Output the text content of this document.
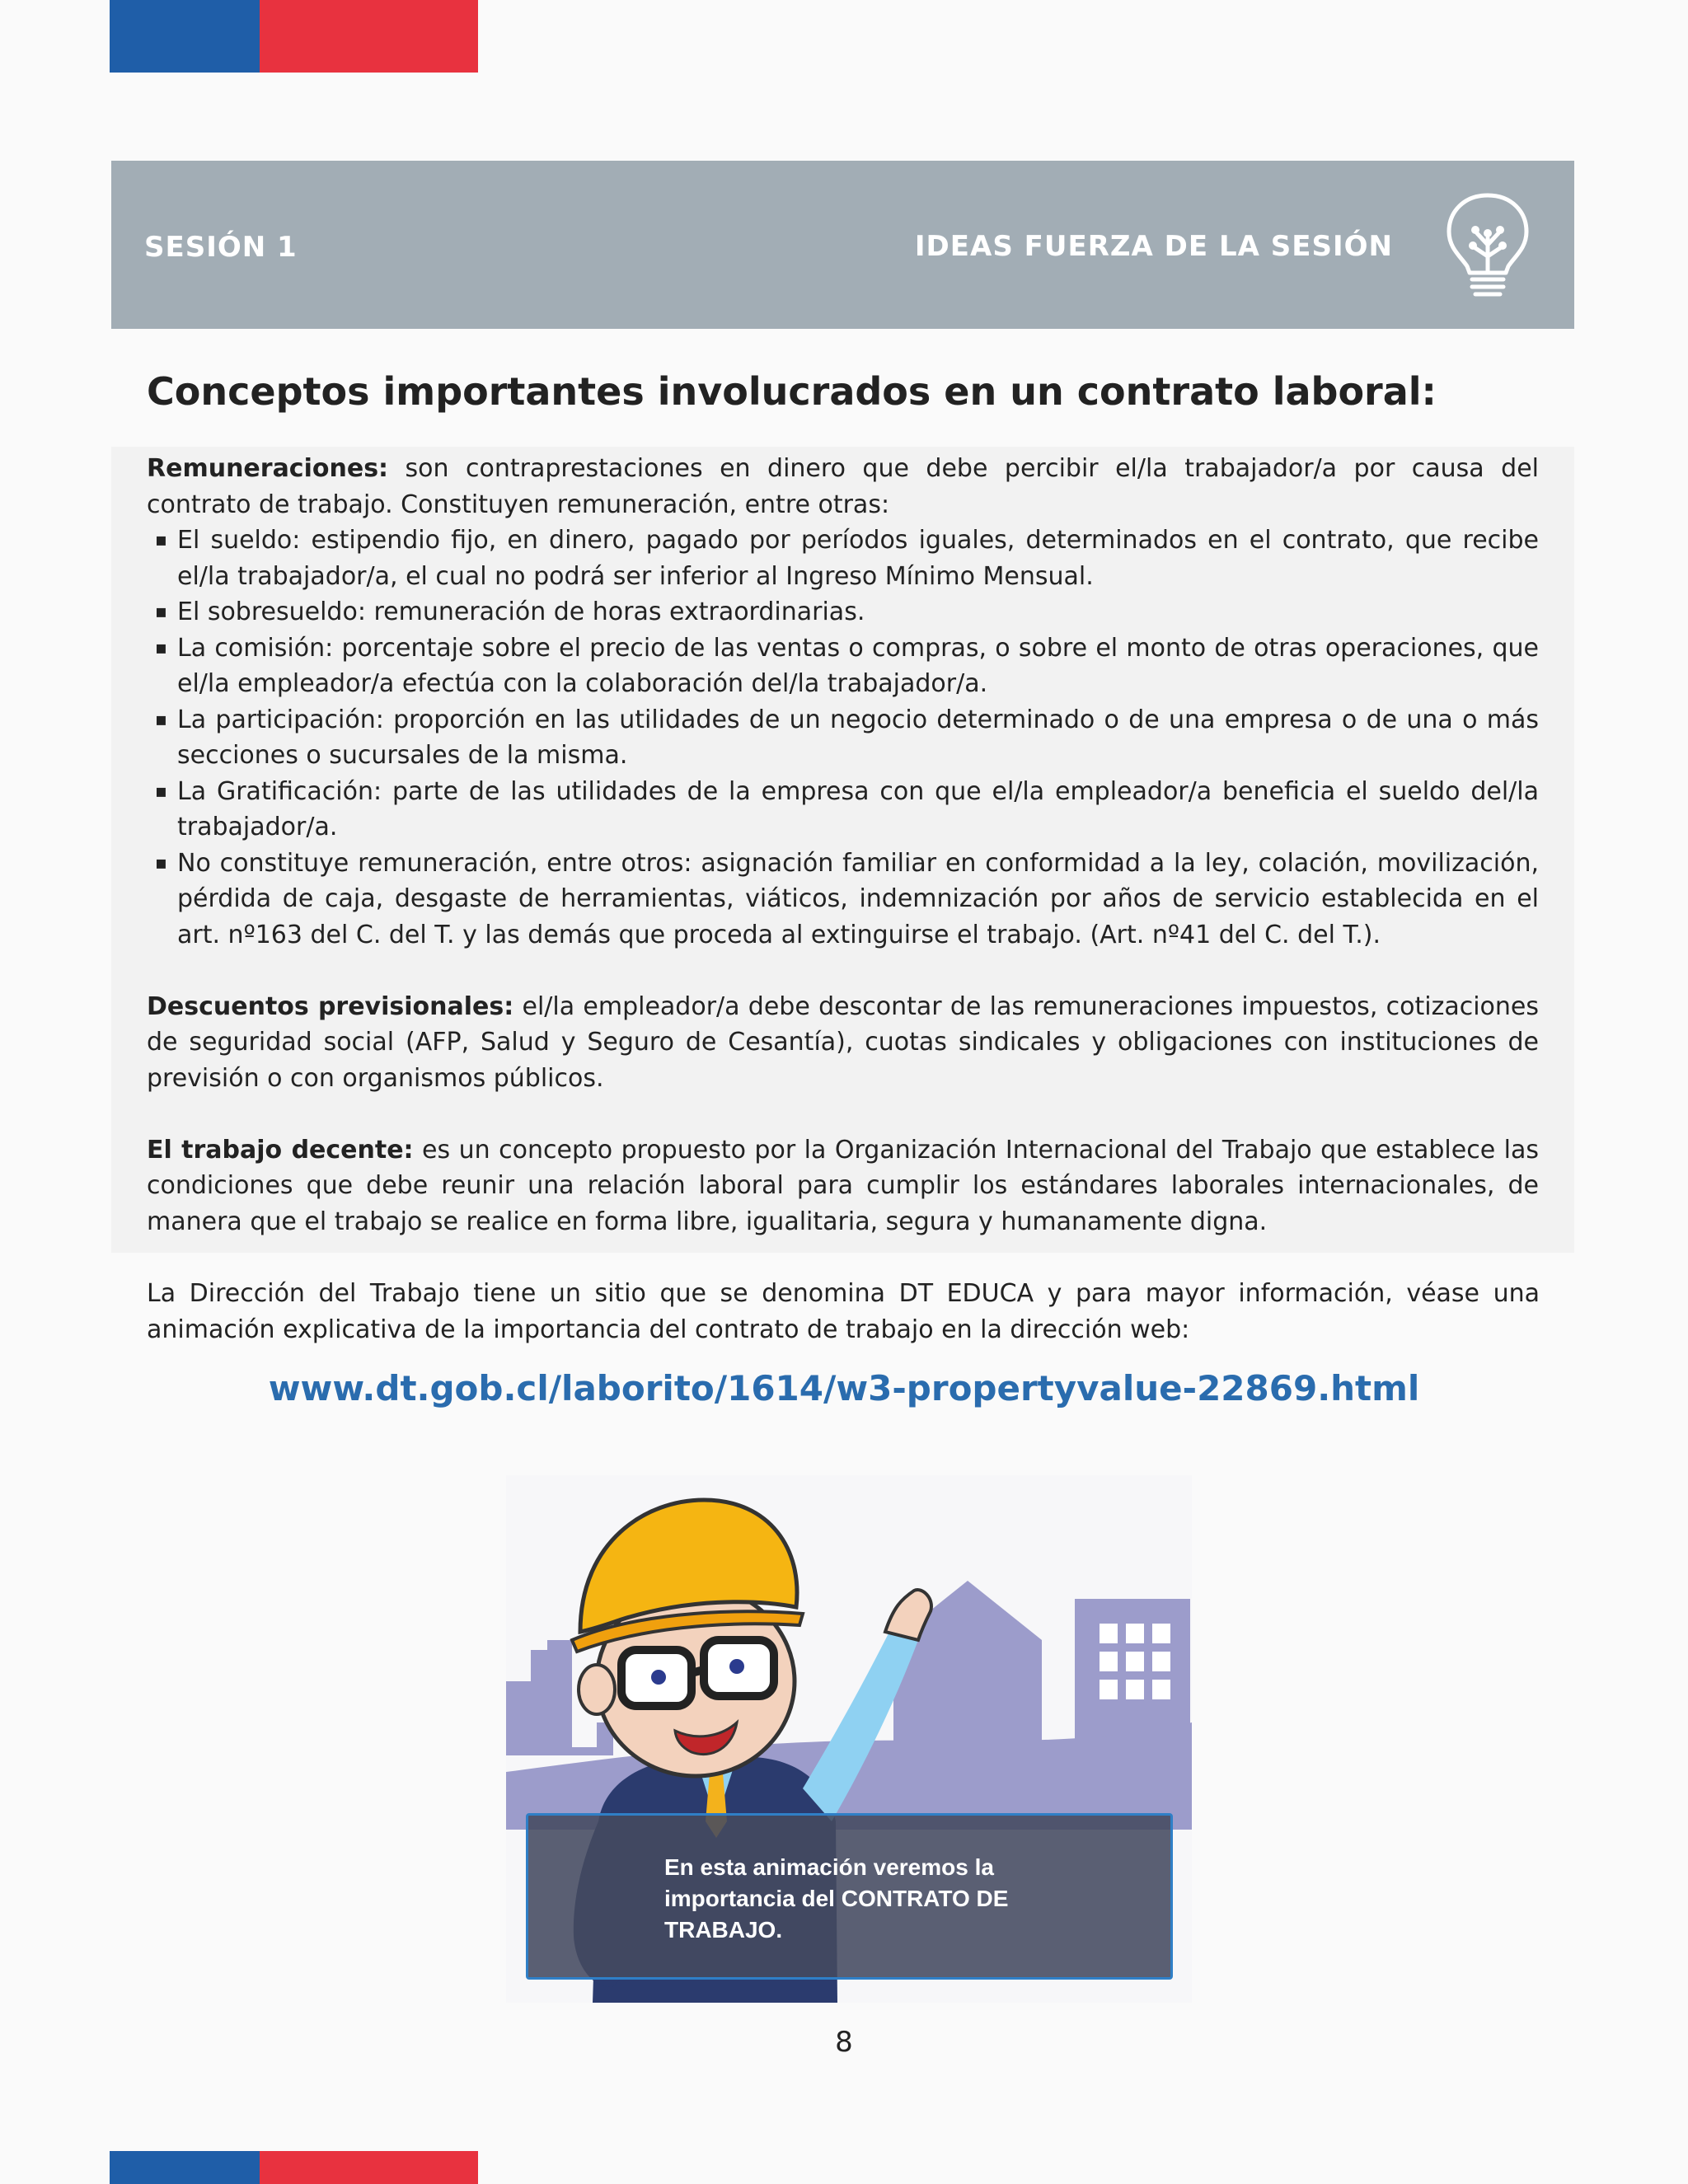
SESIÓN 1	IDEAS FUERZA DE LA SESIÓN
Conceptos importantes involucrados en un contrato laboral:

Remuneraciones: son contraprestaciones en dinero que debe percibir el/la trabajador/a por causa del contrato de trabajo. Constituyen remuneración, entre otras:

▪ El sueldo: estipendio fijo, en dinero, pagado por períodos iguales, determinados en el contrato, que recibe el/la trabajador/a, el cual no podrá ser inferior al Ingreso Mínimo Mensual.
▪ El sobresueldo: remuneración de horas extraordinarias.
▪ La comisión: porcentaje sobre el precio de las ventas o compras, o sobre el monto de otras operaciones, que el/la empleador/a efectúa con la colaboración del/la trabajador/a.
▪ La participación: proporción en las utilidades de un negocio determinado o de una empresa o de una o más secciones o sucursales de la misma.
▪ La Gratificación: parte de las utilidades de la empresa con que el/la empleador/a beneficia el sueldo del/la trabajador/a.
▪ No constituye remuneración, entre otros: asignación familiar en conformidad a la ley, colación, movilización, pérdida de caja, desgaste de herramientas, viáticos, indemnización por años de servicio establecida en el art. nº163 del C. del T. y las demás que proceda al extinguirse el trabajo. (Art. nº41 del C. del T.).

Descuentos previsionales: el/la empleador/a debe descontar de las remuneraciones impuestos, cotizaciones de seguridad social (AFP, Salud y Seguro de Cesantía), cuotas sindicales y obligaciones con instituciones de previsión o con organismos públicos.

El trabajo decente: es un concepto propuesto por la Organización Internacional del Trabajo que establece las condiciones que debe reunir una relación laboral para cumplir los estándares laborales internacionales, de manera que el trabajo se realice en forma libre, igualitaria, segura y humanamente digna.

La Dirección del Trabajo tiene un sitio que se denomina DT EDUCA y para mayor información, véase una animación explicativa de la importancia del contrato de trabajo en la dirección web:

www.dt.gob.cl/laborito/1614/w3-propertyvalue-22869.html

En esta animación veremos la importancia del CONTRATO DE TRABAJO.

8
